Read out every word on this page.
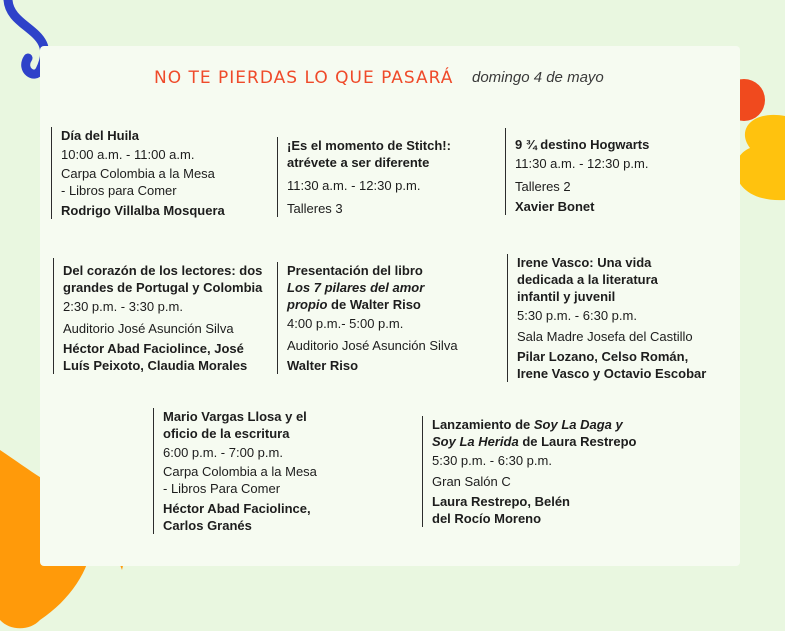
NO TE PIERDAS LO QUE PASARÁ domingo 4 de mayo
Día del Huila
10:00 a.m. - 11:00 a.m.
Carpa Colombia a la Mesa
- Libros para Comer
Rodrigo Villalba Mosquera
¡Es el momento de Stitch!:
atrévete a ser diferente
11:30 a.m. - 12:30 p.m.
Talleres 3
9 ¾ destino Hogwarts
11:30 a.m. - 12:30 p.m.
Talleres 2
Xavier Bonet
Del corazón de los lectores: dos
grandes de Portugal y Colombia
2:30 p.m. - 3:30 p.m.
Auditorio José Asunción Silva
Héctor Abad Faciolince, José
Luís Peixoto, Claudia Morales
Presentación del libro
Los 7 pilares del amor
propio de Walter Riso
4:00 p.m.- 5:00 p.m.
Auditorio José Asunción Silva
Walter Riso
Irene Vasco: Una vida
dedicada a la literatura
infantil y juvenil
5:30 p.m. - 6:30 p.m.
Sala Madre Josefa del Castillo
Pilar Lozano, Celso Román,
Irene Vasco y Octavio Escobar
Mario Vargas Llosa y el
oficio de la escritura
6:00 p.m. - 7:00 p.m.
Carpa Colombia a la Mesa
- Libros Para Comer
Héctor Abad Faciolince,
Carlos Granés
Lanzamiento de Soy La Daga y
Soy La Herida de Laura Restrepo
5:30 p.m. - 6:30 p.m.
Gran Salón C
Laura Restrepo, Belén
del Rocío Moreno
